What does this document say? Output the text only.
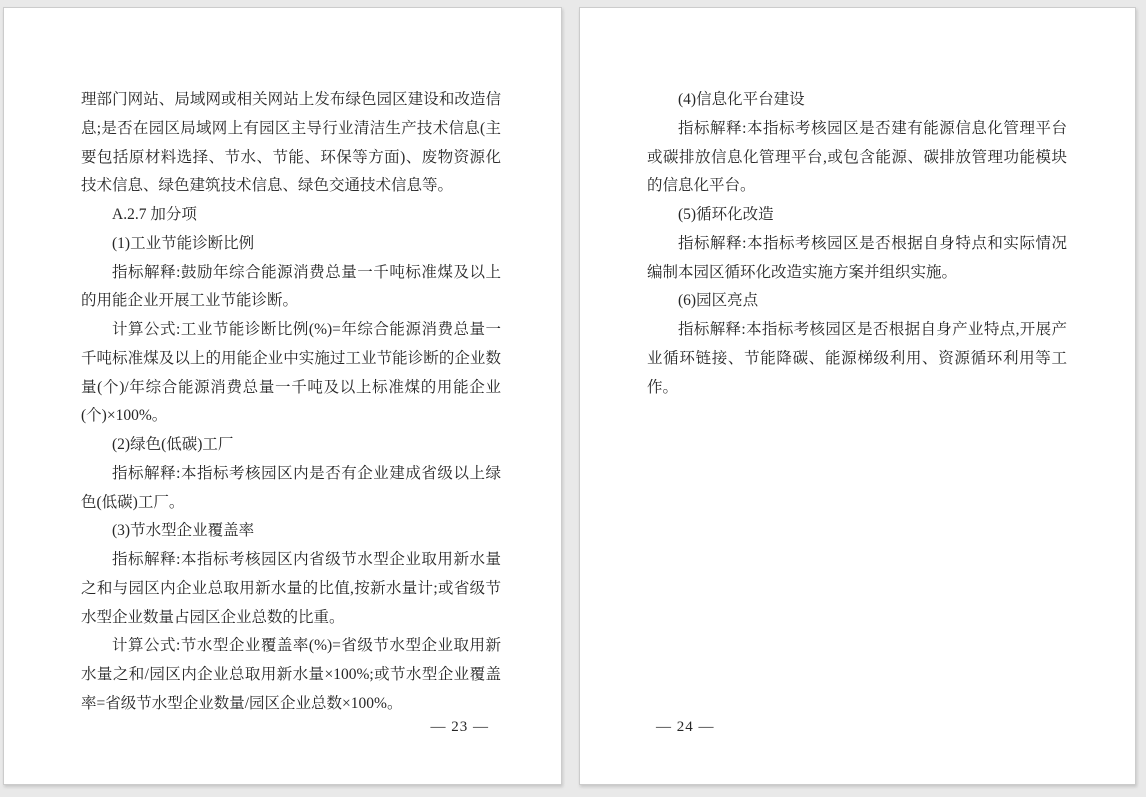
理部门网站、局域网或相关网站上发布绿色园区建设和改造信息;是否在园区局域网上有园区主导行业清洁生产技术信息(主要包括原材料选择、节水、节能、环保等方面)、废物资源化技术信息、绿色建筑技术信息、绿色交通技术信息等。

A.2.7 加分项

(1)工业节能诊断比例

指标解释:鼓励年综合能源消费总量一千吨标准煤及以上的用能企业开展工业节能诊断。

计算公式:工业节能诊断比例(%)=年综合能源消费总量一千吨标准煤及以上的用能企业中实施过工业节能诊断的企业数量(个)/年综合能源消费总量一千吨及以上标准煤的用能企业(个)×100%。

(2)绿色(低碳)工厂

指标解释:本指标考核园区内是否有企业建成省级以上绿色(低碳)工厂。

(3)节水型企业覆盖率

指标解释:本指标考核园区内省级节水型企业取用新水量之和与园区内企业总取用新水量的比值,按新水量计;或省级节水型企业数量占园区企业总数的比重。

计算公式:节水型企业覆盖率(%)=省级节水型企业取用新水量之和/园区内企业总取用新水量×100%;或节水型企业覆盖率=省级节水型企业数量/园区企业总数×100%。

— 23 —

(4)信息化平台建设

指标解释:本指标考核园区是否建有能源信息化管理平台或碳排放信息化管理平台,或包含能源、碳排放管理功能模块的信息化平台。

(5)循环化改造

指标解释:本指标考核园区是否根据自身特点和实际情况编制本园区循环化改造实施方案并组织实施。

(6)园区亮点

指标解释:本指标考核园区是否根据自身产业特点,开展产业循环链接、节能降碳、能源梯级利用、资源循环利用等工作。

— 24 —
